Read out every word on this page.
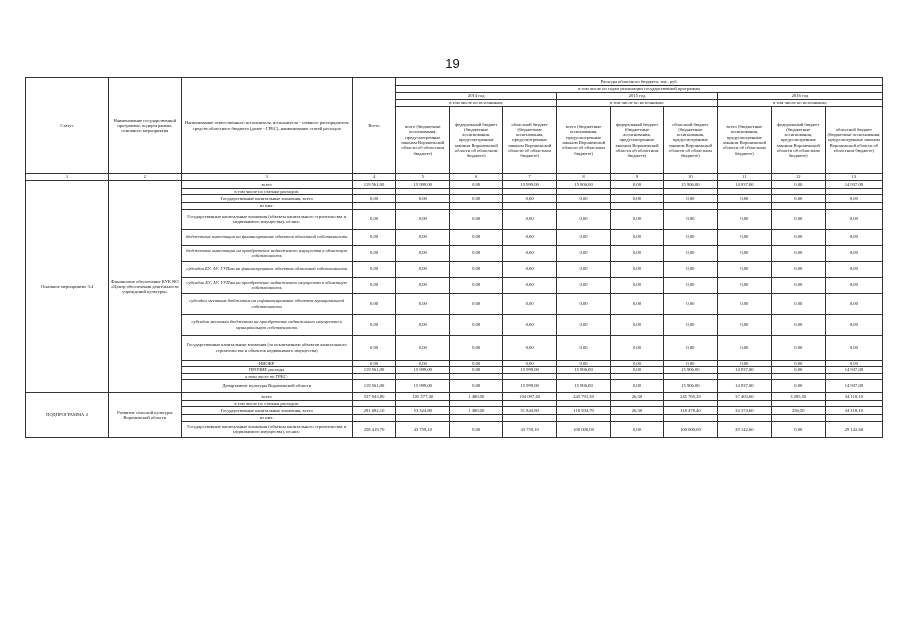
19
Статус	Наименование государственной программы, подпрограммы, основного мероприятия	Наименование ответственного исполнителя, исполнителя - главного распорядителя средств областного бюджета (далее - ГРБС), наименование статей расходов	Всего	Расходы областного бюджета, тыс. руб.								
				в том числе по годам реализации государственной программы								
				2014 год			2015 год			2016 год		
				в том числе по источникам:			в том числе по источникам:			в том числе по источникам:		
				всего (бюджетные ассигнования, предусмотренные законом Воронежской области об областном бюджете)	федеральный бюджет (бюджетные ассигнования, предусмотренные законом Воронежской области об областном бюджете)	областной бюджет (бюджетные ассигнования, предусмотренные законом Воронежской области об областном бюджете)	всего (бюджетные ассигнования, предусмотренные законом Воронежской области об областном бюджете)	федеральный бюджет (бюджетные ассигнования, предусмотренные законом Воронежской области об областном бюджете)	областной бюджет (бюджетные ассигнования, предусмотренные законом Воронежской области об областном бюджете)	всего (бюджетные ассигнования, предусмотренные законом Воронежской области об областном бюджете)	федеральный бюджет (бюджетные ассигнования, предусмотренные законом Воронежской области об областном бюджете)	областной бюджет (бюджетные ассигнования, предусмотренные законом Воронежской области об областном бюджете)
1	2	3	4	5	6	7	8	9	10	11	12	13
Основное мероприятие 3.4	Финансовое обеспечение КУК ВО «Центр обеспечения деятельности учреждений культуры»	всего	119 561,00	15 999,00	0,00	15 999,00	15 906,00	0,00	15 906,00	14 937,00	0,00	14 937,00
		в том числе по статьям расходов:										
		Государственные капитальные вложения, всего	0,00	0,00	0,00	0,00	0,00	0,00	0,00	0,00	0,00	0,00
		из них:										
		Государственные капитальные вложения (объекты капитального строительства и недвижимого имущества), из них:	0,00	0,00	0,00	0,00	0,00	0,00	0,00	0,00	0,00	0,00
		бюджетные инвестиции на финансирование объектов областной собственности	0,00	0,00	0,00	0,00	0,00	0,00	0,00	0,00	0,00	0,00
		бюджетные инвестиции на приобретение недвижимого имущества в областную собственность	0,00	0,00	0,00	0,00	0,00	0,00	0,00	0,00	0,00	0,00
		субсидии БУ, АУ, ГУПам на финансирование объектов областной собственности	0,00	0,00	0,00	0,00	0,00	0,00	0,00	0,00	0,00	0,00
		субсидии БУ, АУ, ГУПам на приобретение недвижимого имущества в областную собственность	0,00	0,00	0,00	0,00	0,00	0,00	0,00	0,00	0,00	0,00
		субсидии местным бюджетам на софинансирование объектов муниципальной собственности	0,00	0,00	0,00	0,00	0,00	0,00	0,00	0,00	0,00	0,00
		субсидии местным бюджетам на приобретение недвижимого имущества в муниципальную собственность	0,00	0,00	0,00	0,00	0,00	0,00	0,00	0,00	0,00	0,00
		Государственные капитальные вложения (за исключением объектов капитального строительства и объектов недвижимого имущества)	0,00	0,00	0,00	0,00	0,00	0,00	0,00	0,00	0,00	0,00
		НИОКР	0,00	0,00	0,00	0,00	0,00	0,00	0,00	0,00	0,00	0,00
		ПРОЧИЕ расходы	119 561,00	15 999,00	0,00	15 999,00	15 906,00	0,00	15 906,00	14 937,00	0,00	14 937,00
		в том числе по ГРБС:										
		Департамент культуры Воронежской области	119 561,00	15 999,00	0,00	15 999,00	15 906,00	0,00	15 906,00	14 937,00	0,00	14 937,00
ПОДПРОГРАММА 4	Развитие сельской культуры Воронежской области	всего	537 943,80	105 577,40	1 480,00	104 097,40	245 791,50	26,30	245 765,20	37 403,60	3 285,50	34 118,10
		в том числе по статьям расходов:										
		Государственные капитальные вложения, всего	291 682,10	53 324,80	1 480,00	51 844,80	118 504,70	26,30	118 478,40	34 374,60	256,50	34 118,10
		из них:										
		Государственные капитальные вложения (объекты капитального строительства и недвижимого имущества), из них:	258 419,70	43 759,10	0,00	43 759,10	100 000,00	0,00	100 000,00	29 142,60	0,00	29 142,60
